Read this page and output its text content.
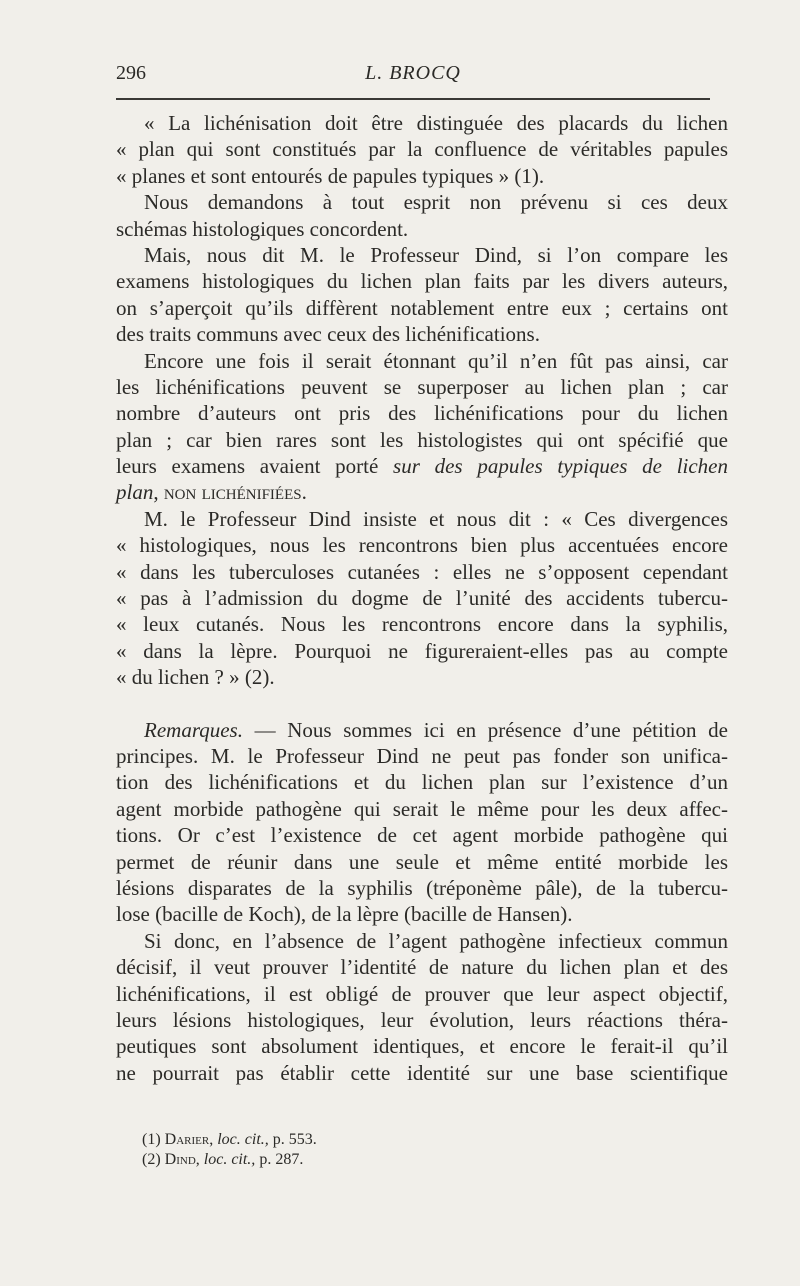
296	L. BROCQ
« La lichénisation doit être distinguée des placards du lichen
« plan qui sont constitués par la confluence de véritables papules
« planes et sont entourés de papules typiques » (1).
Nous demandons à tout esprit non prévenu si ces deux
schémas histologiques concordent.
Mais, nous dit M. le Professeur Dind, si l’on compare les
examens histologiques du lichen plan faits par les divers auteurs,
on s’aperçoit qu’ils diffèrent notablement entre eux ; certains ont
des traits communs avec ceux des lichénifications.
Encore une fois il serait étonnant qu’il n’en fût pas ainsi, car
les lichénifications peuvent se superposer au lichen plan ; car
nombre d’auteurs ont pris des lichénifications pour du lichen
plan ; car bien rares sont les histologistes qui ont spécifié que
leurs examens avaient porté sur des papules typiques de lichen
plan, non lichénifiées.
M. le Professeur Dind insiste et nous dit : « Ces divergences
« histologiques, nous les rencontrons bien plus accentuées encore
« dans les tuberculoses cutanées : elles ne s’opposent cependant
« pas à l’admission du dogme de l’unité des accidents tubercu-
« leux cutanés. Nous les rencontrons encore dans la syphilis,
« dans la lèpre. Pourquoi ne figureraient-elles pas au compte
« du lichen ? » (2).
Remarques. — Nous sommes ici en présence d’une pétition de
principes. M. le Professeur Dind ne peut pas fonder son unifica-
tion des lichénifications et du lichen plan sur l’existence d’un
agent morbide pathogène qui serait le même pour les deux affec-
tions. Or c’est l’existence de cet agent morbide pathogène qui
permet de réunir dans une seule et même entité morbide les
lésions disparates de la syphilis (tréponème pâle), de la tubercu-
lose (bacille de Koch), de la lèpre (bacille de Hansen).
Si donc, en l’absence de l’agent pathogène infectieux commun
décisif, il veut prouver l’identité de nature du lichen plan et des
lichénifications, il est obligé de prouver que leur aspect objectif,
leurs lésions histologiques, leur évolution, leurs réactions théra-
peutiques sont absolument identiques, et encore le ferait-il qu’il
ne pourrait pas établir cette identité sur une base scientifique
(1) Darier, loc. cit., p. 553.
(2) Dind, loc. cit., p. 287.
